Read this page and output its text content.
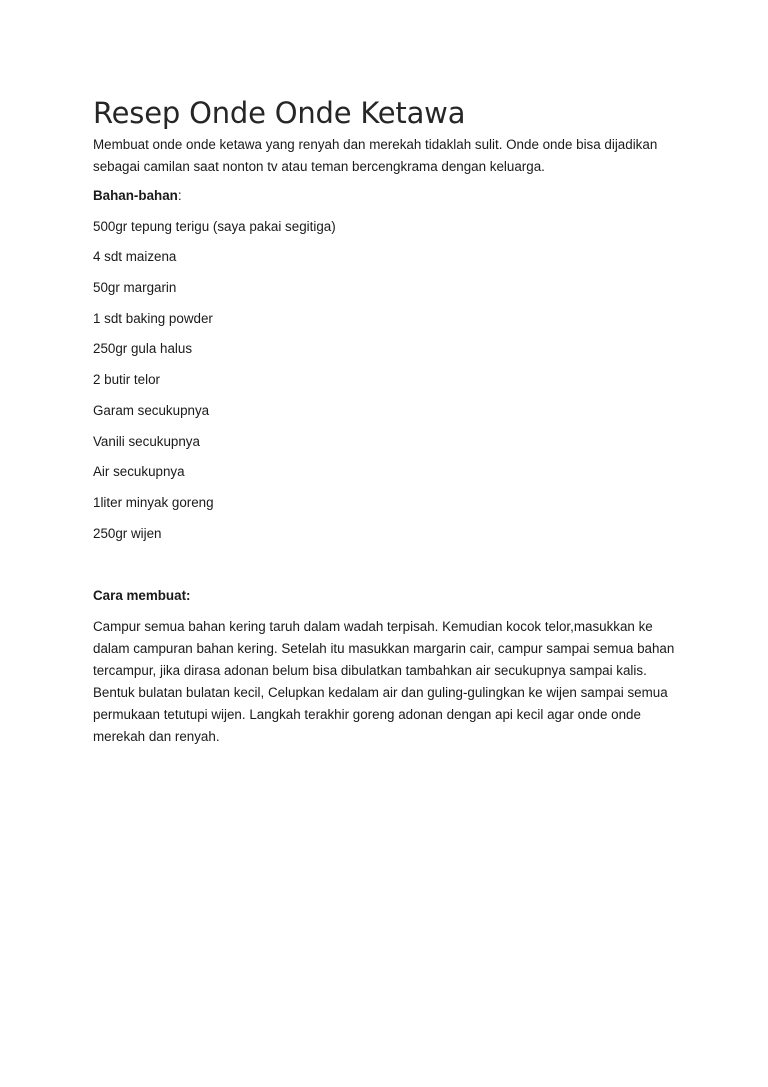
Resep Onde Onde Ketawa

Membuat onde onde ketawa yang renyah dan merekah tidaklah sulit. Onde onde bisa dijadikan sebagai camilan saat nonton tv atau teman bercengkrama dengan keluarga.

Bahan-bahan:

500gr tepung terigu (saya pakai segitiga)
4 sdt maizena
50gr margarin
1 sdt baking powder
250gr gula halus
2 butir telor
Garam secukupnya
Vanili secukupnya
Air secukupnya
1liter minyak goreng
250gr wijen

Cara membuat:

Campur semua bahan kering taruh dalam wadah terpisah. Kemudian kocok telor,masukkan ke dalam campuran bahan kering. Setelah itu masukkan margarin cair, campur sampai semua bahan tercampur, jika dirasa adonan belum bisa dibulatkan tambahkan air secukupnya sampai kalis. Bentuk bulatan bulatan kecil, Celupkan kedalam air dan guling-gulingkan ke wijen sampai semua permukaan tetutupi wijen. Langkah terakhir goreng adonan dengan api kecil agar onde onde merekah dan renyah.
